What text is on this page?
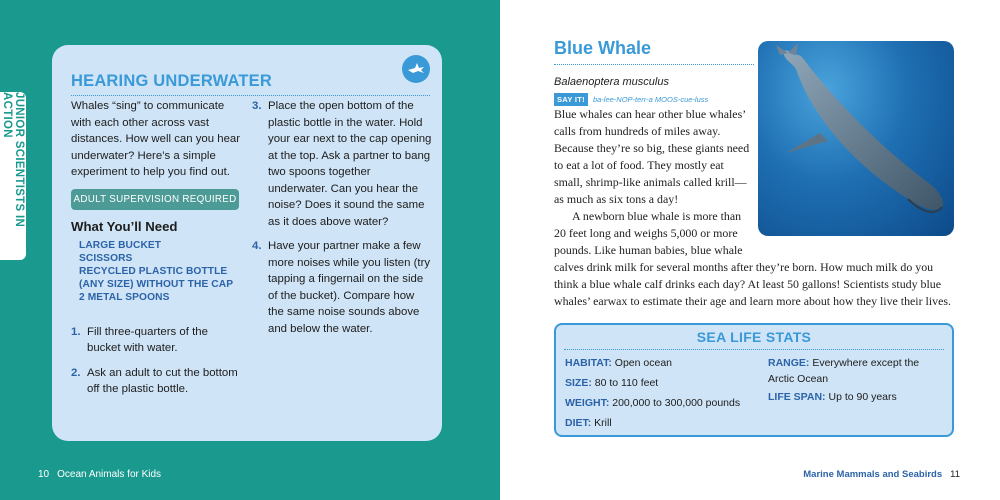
JUNIOR SCIENTISTS IN ACTION
HEARING UNDERWATER

Whales “sing” to communicate with each other across vast distances. How well can you hear underwater? Here’s a simple experiment to help you find out.

ADULT SUPERVISION REQUIRED
What You’ll Need
LARGE BUCKET
SCISSORS
RECYCLED PLASTIC BOTTLE (ANY SIZE) WITHOUT THE CAP
2 METAL SPOONS
1. Fill three-quarters of the bucket with water.
2. Ask an adult to cut the bottom off the plastic bottle.
3. Place the open bottom of the plastic bottle in the water. Hold your ear next to the cap opening at the top. Ask a partner to bang two spoons together underwater. Can you hear the noise? Does it sound the same as it does above water?
4. Have your partner make a few more noises while you listen (try tapping a fingernail on the side of the bucket). Compare how the same noise sounds above and below the water.
10 Ocean Animals for Kids
Blue Whale
Balaenoptera musculus
SAY IT!	ba-lee-NOP-terr-a MOOS-cue-luss

Blue whales can hear other blue whales’ calls from hundreds of miles away. Because they’re so big, these giants need to eat a lot of food. They mostly eat small, shrimp-like animals called krill—as much as six tons a day!

A newborn blue whale is more than 20 feet long and weighs 5,000 or more pounds. Like human babies, blue whale

calves drink milk for several months after they’re born. How much milk do you think a blue whale calf drinks each day? At least 50 gallons! Scientists study blue whales’ earwax to estimate their age and learn more about how they live their lives.

SEA LIFE STATS
HABITAT: Open ocean
SIZE: 80 to 110 feet
WEIGHT: 200,000 to 300,000 pounds
DIET: Krill
RANGE: Everywhere except the Arctic Ocean
LIFE SPAN: Up to 90 years
Marine Mammals and Seabirds 11
